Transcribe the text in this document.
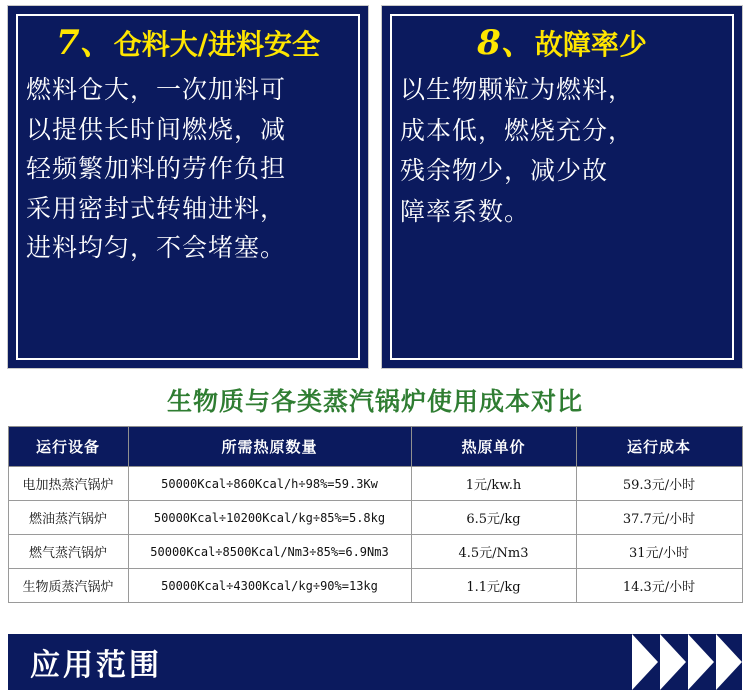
7、 仓料大/进料安全
燃料仓大，一次加料可
以提供长时间燃烧，减
轻频繁加料的劳作负担
采用密封式转轴进料，
进料均匀，不会堵塞。
8、 故障率少
以生物颗粒为燃料，
成本低，燃烧充分，
残余物少，减少故
障率系数。
生物质与各类蒸汽锅炉使用成本对比
运行设备	所需热原数量	热原单价	运行成本
电加热蒸汽锅炉	50000Kcal÷860Kcal/h÷98%=59.3Kw	1元/kw.h	59.3元/小时
燃油蒸汽锅炉	50000Kcal÷10200Kcal/kg÷85%=5.8kg	6.5元/kg	37.7元/小时
燃气蒸汽锅炉	50000Kcal÷8500Kcal/Nm3÷85%=6.9Nm3	4.5元/Nm3	31元/小时
生物质蒸汽锅炉	50000Kcal÷4300Kcal/kg÷90%=13kg	1.1元/kg	14.3元/小时
应用范围
